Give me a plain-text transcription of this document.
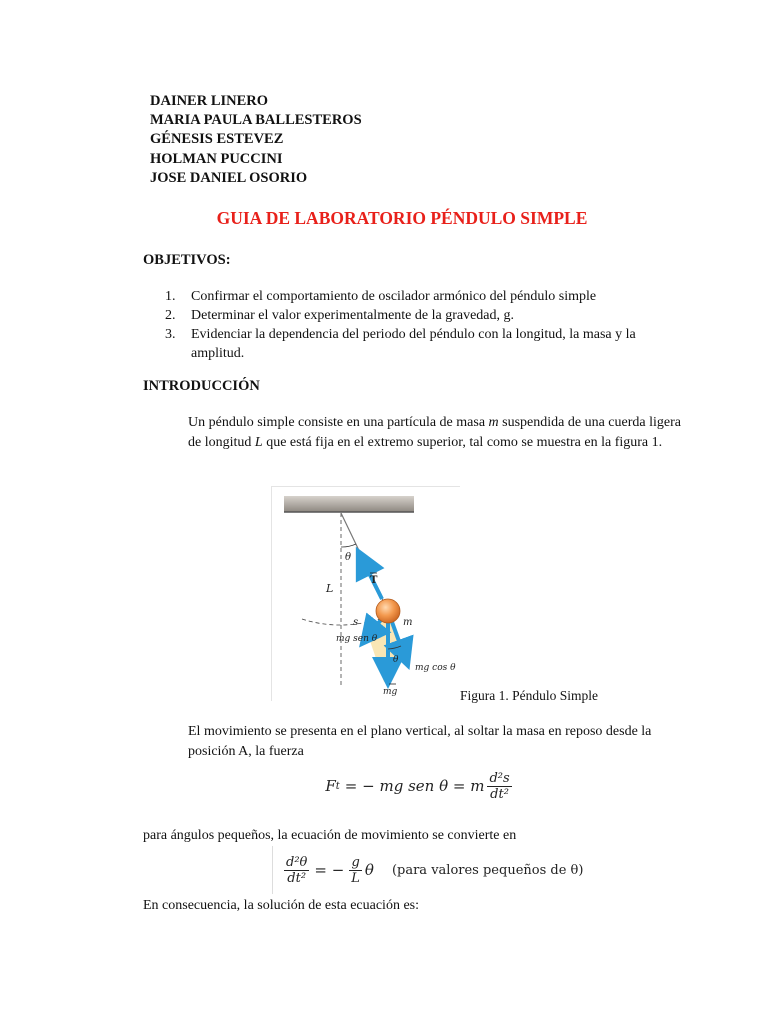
DAINER LINERO
MARIA PAULA BALLESTEROS
GÉNESIS ESTEVEZ
HOLMAN PUCCINI
JOSE DANIEL OSORIO
GUIA DE LABORATORIO PÉNDULO SIMPLE
OBJETIVOS:
1.	Confirmar el comportamiento de oscilador armónico del péndulo simple
2.	Determinar el valor experimentalmente de la gravedad, g.
3.	Evidenciar la dependencia del periodo del péndulo con la longitud, la masa y la amplitud.
INTRODUCCIÓN
Un péndulo simple consiste en una partícula de masa m suspendida de una cuerda ligera de longitud L que está fija en el extremo superior, tal como se muestra en la figura 1.
θ
T
L
s	m
mg sen θ
θ
mg cos θ
mg	Figura 1. Péndulo Simple
El movimiento se presenta en el plano vertical, al soltar la masa en reposo desde la posición A, la fuerza
F t = − mg sen θ = m $\frac{\text{d²s}}{\text{dt²}}$
para ángulos pequeños, la ecuación de movimiento se convierte en
$\frac{\text{d²θ}}{\text{dt²}}$ = − $\frac{g}{L}$ θ (para valores pequeños de θ)
En consecuencia, la solución de esta ecuación es:
